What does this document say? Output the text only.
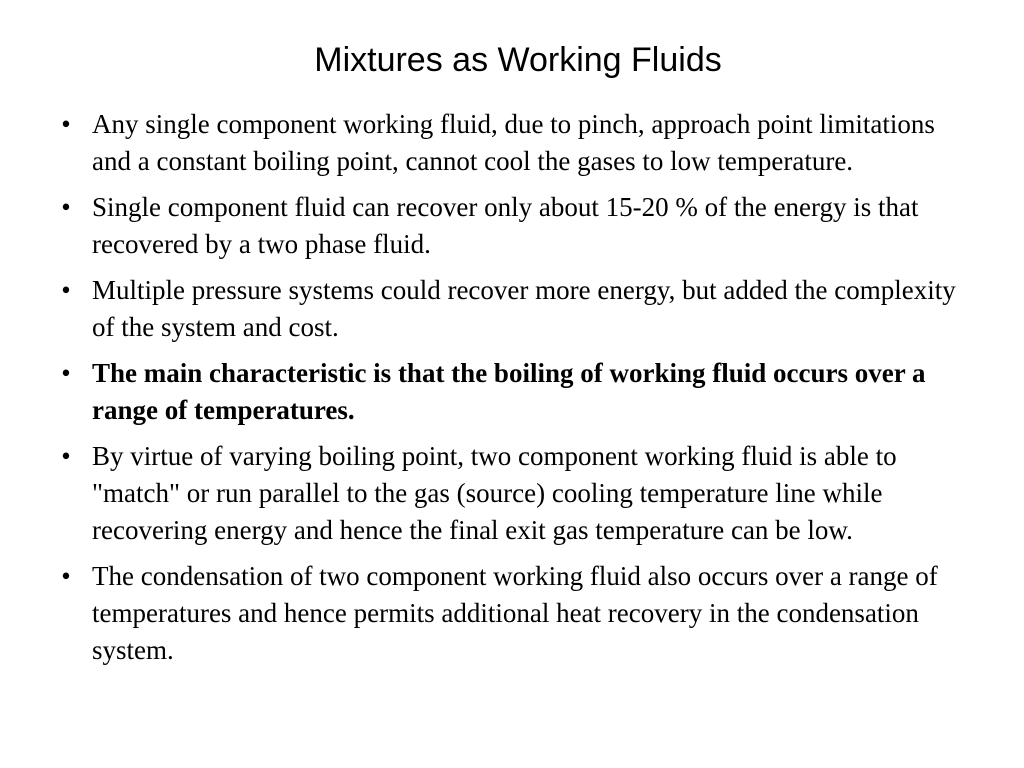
Mixtures as Working Fluids
• Any single component working fluid, due to pinch, approach point limitations and a constant boiling point, cannot cool the gases to low temperature.
• Single component fluid can recover only about 15-20 % of the energy is that recovered by a two phase fluid.
• Multiple pressure systems could recover more energy, but added the complexity of the system and cost.
• The main characteristic is that the boiling of working fluid occurs over a range of temperatures.
• By virtue of varying boiling point, two component working fluid is able to "match" or run parallel to the gas (source) cooling temperature line while recovering energy and hence the final exit gas temperature can be low.
• The condensation of two component working fluid also occurs over a range of temperatures and hence permits additional heat recovery in the condensation system.
